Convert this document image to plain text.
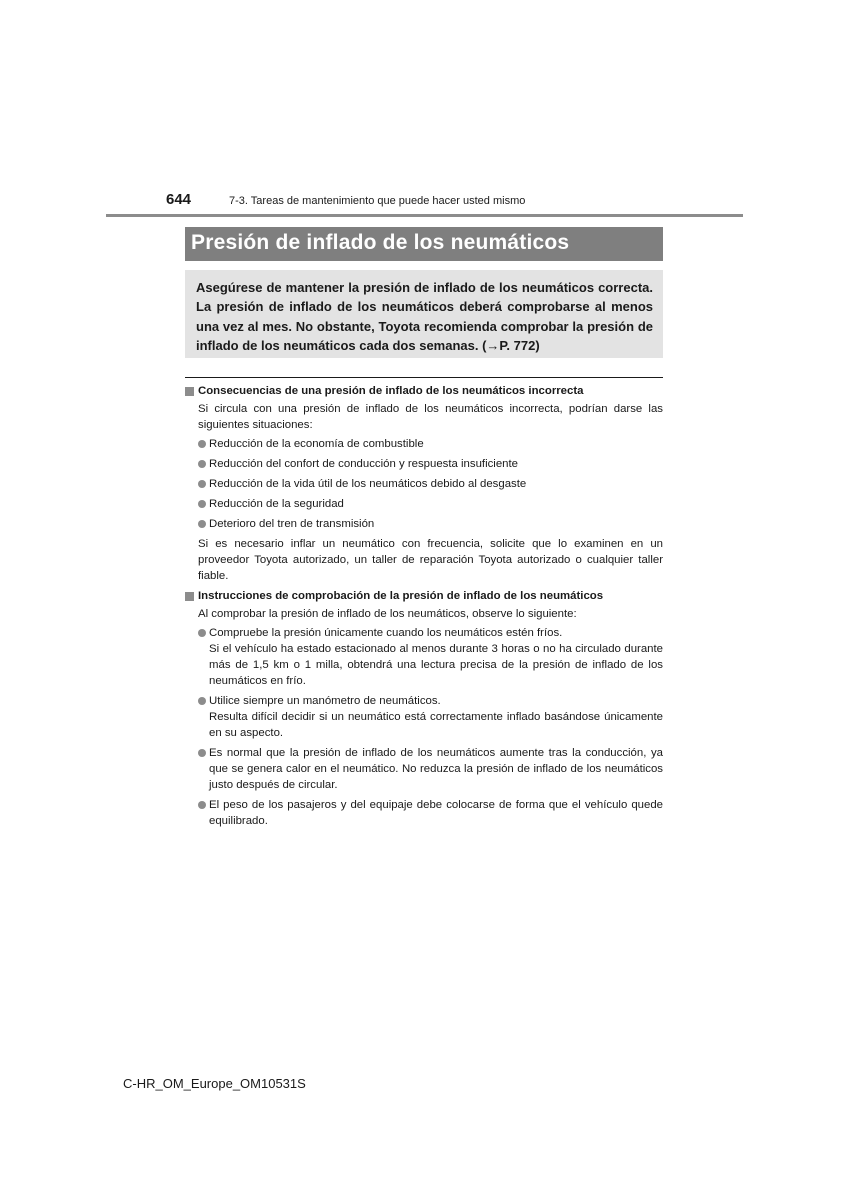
644	7-3. Tareas de mantenimiento que puede hacer usted mismo
Presión de inflado de los neumáticos

Asegúrese de mantener la presión de inflado de los neumáticos correcta. La presión de inflado de los neumáticos deberá comprobarse al menos una vez al mes. No obstante, Toyota recomienda comprobar la presión de inflado de los neumáticos cada dos semanas. (→P. 772)

Consecuencias de una presión de inflado de los neumáticos incorrecta

Si circula con una presión de inflado de los neumáticos incorrecta, podrían darse las siguientes situaciones:

Reducción de la economía de combustible
Reducción del confort de conducción y respuesta insuficiente
Reducción de la vida útil de los neumáticos debido al desgaste
Reducción de la seguridad
Deterioro del tren de transmisión

Si es necesario inflar un neumático con frecuencia, solicite que lo examinen en un proveedor Toyota autorizado, un taller de reparación Toyota autorizado o cualquier taller fiable.

Instrucciones de comprobación de la presión de inflado de los neumáticos

Al comprobar la presión de inflado de los neumáticos, observe lo siguiente:

Compruebe la presión únicamente cuando los neumáticos estén fríos.
Si el vehículo ha estado estacionado al menos durante 3 horas o no ha circulado durante más de 1,5 km o 1 milla, obtendrá una lectura precisa de la presión de inflado de los neumáticos en frío.
Utilice siempre un manómetro de neumáticos.
Resulta difícil decidir si un neumático está correctamente inflado basándose únicamente en su aspecto.
Es normal que la presión de inflado de los neumáticos aumente tras la conducción, ya que se genera calor en el neumático. No reduzca la presión de inflado de los neumáticos justo después de circular.
El peso de los pasajeros y del equipaje debe colocarse de forma que el vehículo quede equilibrado.
C-HR_OM_Europe_OM10531S
